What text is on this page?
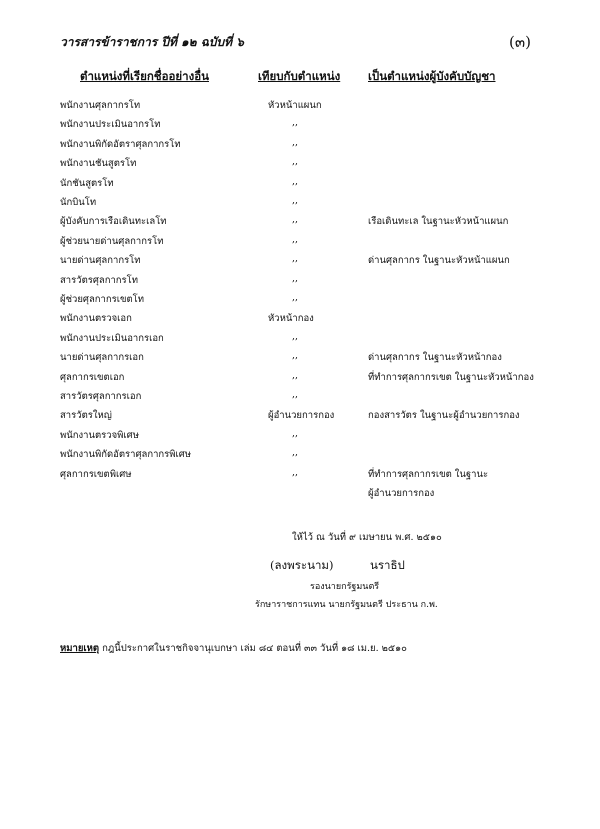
วารสารข้าราชการ ปีที่ ๑๒ ฉบับที่ ๖	(๓)
ตำแหน่งที่เรียกชื่ออย่างอื่น	เทียบกับตำแหน่ง เป็นตำแหน่งผู้บังคับบัญชา
พนักงานศุลกากรโท	หัวหน้าแผนก
พนักงานประเมินอากรโท	,,
พนักงานพิกัดอัตราศุลกากรโท	,,
พนักงานชันสูตรโท	,,
นักชันสูตรโท	,,
นักบินโท	,,
ผู้บังคับการเรือเดินทะเลโท	,,	เรือเดินทะเล ในฐานะหัวหน้าแผนก
ผู้ช่วยนายด่านศุลกากรโท	,,
นายด่านศุลกากรโท	,,	ด่านศุลกากร ในฐานะหัวหน้าแผนก
สารวัตรศุลกากรโท	,,
ผู้ช่วยศุลกากรเขตโท	,,
พนักงานตรวจเอก	หัวหน้ากอง
พนักงานประเมินอากรเอก	,,
นายด่านศุลกากรเอก	,,	ด่านศุลกากร ในฐานะหัวหน้ากอง
ศุลกากรเขตเอก	,,	ที่ทำการศุลกากรเขต ในฐานะหัวหน้ากอง
สารวัตรศุลกากรเอก	,,
สารวัตรใหญ่	ผู้อำนวยการกอง	กองสารวัตร ในฐานะผู้อำนวยการกอง
พนักงานตรวจพิเศษ	,,
พนักงานพิกัดอัตราศุลกากรพิเศษ	,,
ศุลกากรเขตพิเศษ	,,	ที่ทำการศุลกากรเขต ในฐานะ
ผู้อำนวยการกอง
ให้ไว้ ณ วันที่ ๙ เมษายน พ.ศ. ๒๕๑๐
(ลงพระนาม)	นราธิป
รองนายกรัฐมนตรี
รักษาราชการแทน นายกรัฐมนตรี ประธาน ก.พ.
หมายเหตุ กฎนี้ประกาศในราชกิจจานุเบกษา เล่ม ๘๔ ตอนที่ ๓๓ วันที่ ๑๘ เม.ย. ๒๕๑๐
